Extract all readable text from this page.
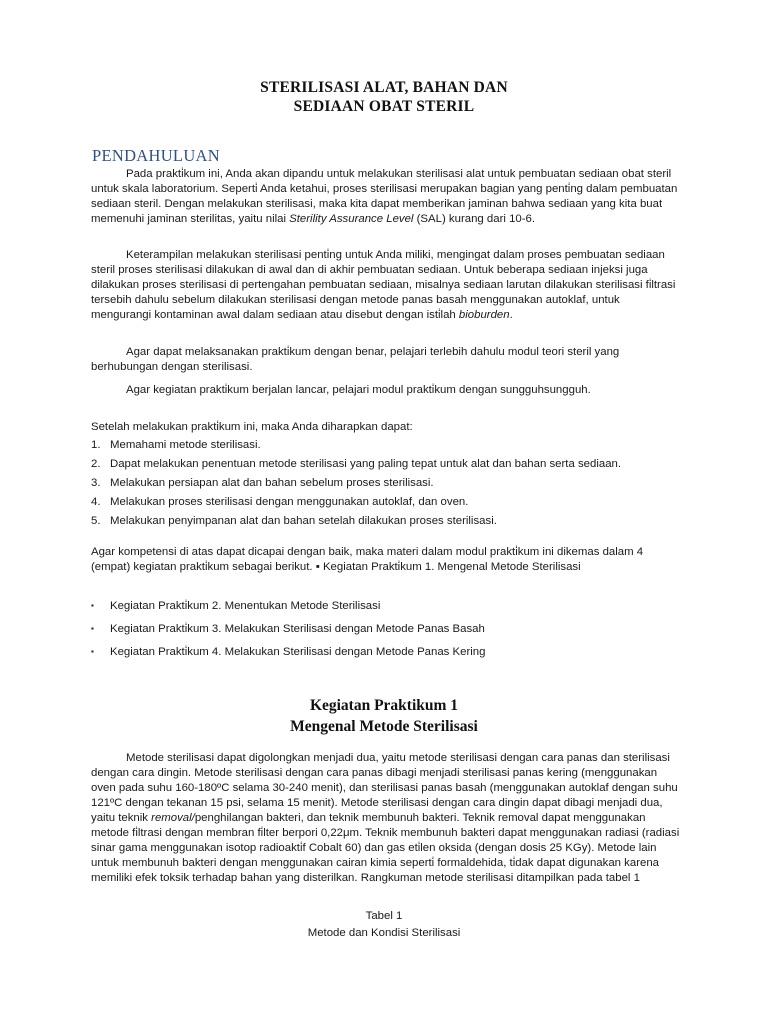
STERILISASI ALAT, BAHAN DAN
SEDIAAN OBAT STERIL
PENDAHULUAN

Pada prakti̇kum ini, Anda akan dipandu untuk melakukan sterilisasi alat untuk pembuatan sediaan obat steril untuk skala laboratorium. Seperti̇ Anda ketahui, proses sterilisasi merupakan bagian yang penti̇ng dalam pembuatan sediaan steril. Dengan melakukan sterilisasi, maka kita dapat memberikan jaminan bahwa sediaan yang kita buat memenuhi jaminan sterilitas, yaitu nilai Sterility Assurance Level (SAL) kurang dari 10-6.

Keterampilan melakukan sterilisasi penti̇ng untuk Anda miliki, mengingat dalam proses pembuatan sediaan steril proses sterilisasi dilakukan di awal dan di akhir pembuatan sediaan. Untuk beberapa sediaan injeksi juga dilakukan proses sterilisasi di pertengahan pembuatan sediaan, misalnya sediaan larutan dilakukan sterilisasi fi̇ltrasi tersebih dahulu sebelum dilakukan sterilisasi dengan metode panas basah menggunakan autoklaf, untuk mengurangi kontaminan awal dalam sediaan atau disebut dengan isti̇lah bioburden.

Agar dapat melaksanakan prakti̇kum dengan benar, pelajari terlebih dahulu modul teori steril yang berhubungan dengan sterilisasi.

Agar kegiatan prakti̇kum berjalan lancar, pelajari modul prakti̇kum dengan sungguhsungguh.

Setelah melakukan prakti̇kum ini, maka Anda diharapkan dapat:

1. Memahami metode sterilisasi.
2. Dapat melakukan penentuan metode sterilisasi yang paling tepat untuk alat dan bahan serta sediaan.
3. Melakukan persiapan alat dan bahan sebelum proses sterilisasi.
4. Melakukan proses sterilisasi dengan menggunakan autoklaf, dan oven.
5. Melakukan penyimpanan alat dan bahan setelah dilakukan proses sterilisasi.

Agar kompetensi di atas dapat dicapai dengan baik, maka materi dalam modul prakti̇kum ini dikemas dalam 4 (empat) kegiatan prakti̇kum sebagai berikut. ▪ Kegiatan Prakti̇kum 1. Mengenal Metode Sterilisasi

▪ Kegiatan Prakti̇kum 2. Menentukan Metode Sterilisasi
▪ Kegiatan Prakti̇kum 3. Melakukan Sterilisasi dengan Metode Panas Basah
▪ Kegiatan Prakti̇kum 4. Melakukan Sterilisasi dengan Metode Panas Kering
Kegiatan Praktikum 1
Mengenal Metode Sterilisasi

Metode sterilisasi dapat digolongkan menjadi dua, yaitu metode sterilisasi dengan cara panas dan sterilisasi dengan cara dingin. Metode sterilisasi dengan cara panas dibagi menjadi sterilisasi panas kering (menggunakan oven pada suhu 160-180ºC selama 30-240 menit), dan sterilisasi panas basah (menggunakan autoklaf dengan suhu 121ºC dengan tekanan 15 psi, selama 15 menit). Metode sterilisasi dengan cara dingin dapat dibagi menjadi dua, yaitu teknik removal/penghilangan bakteri, dan teknik membunuh bakteri. Teknik removal dapat menggunakan metode fi̇ltrasi dengan membran fi̇lter berpori 0,22μm. Teknik membunuh bakteri dapat menggunakan radiasi (radiasi sinar gama menggunakan isotop radioakti̇f Cobalt 60) dan gas eti̇len oksida (dengan dosis 25 KGy). Metode lain untuk membunuh bakteri dengan menggunakan cairan kimia seperti̇ formaldehida, ti̇dak dapat digunakan karena memiliki efek toksik terhadap bahan yang disterilkan. Rangkuman metode sterilisasi ditampilkan pada tabel 1

Tabel 1
Metode dan Kondisi Sterilisasi
